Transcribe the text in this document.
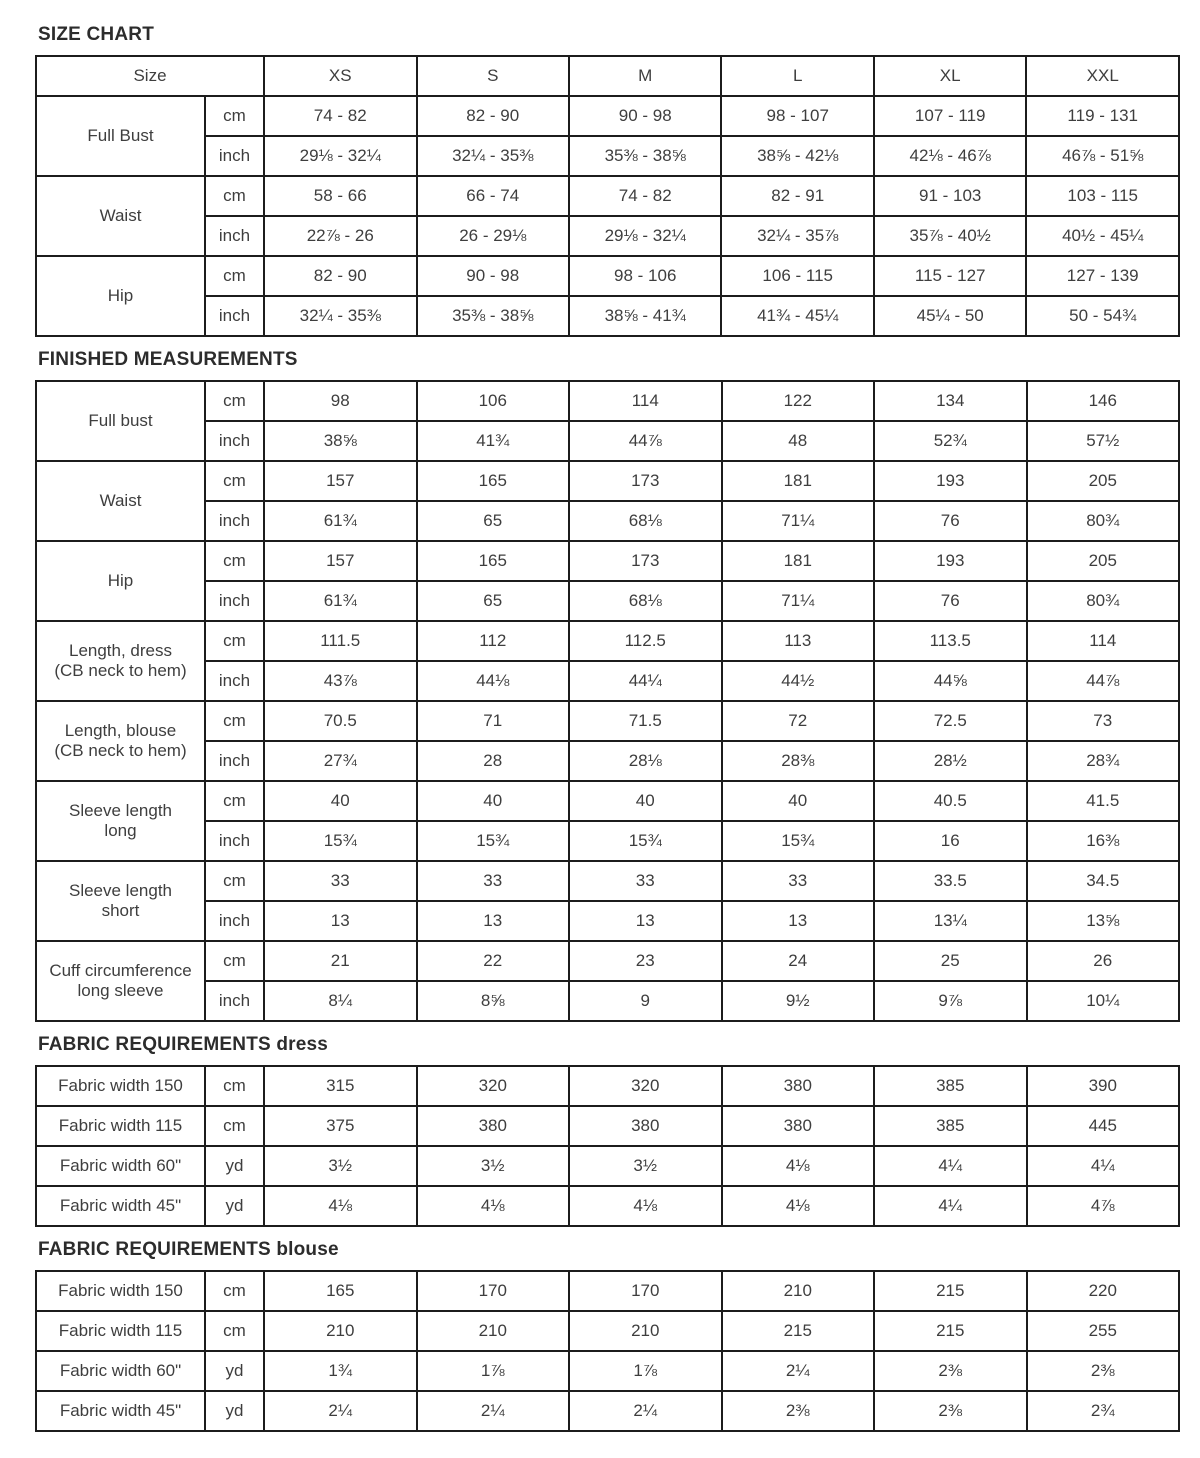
SIZE CHART
Size		XS	S	M	L	XL	XXL

Full Bust	cm	74 - 82	82 - 90	90 - 98	98 - 107	107 - 119	119 - 131
	inch	29⅛ - 32¼	32¼ - 35⅜	35⅜ - 38⅝	38⅝ - 42⅛	42⅛ - 46⅞	46⅞ - 51⅝

Waist	cm	58 - 66	66 - 74	74 - 82	82 - 91	91 - 103	103 - 115
	inch	22⅞ - 26	26 - 29⅛	29⅛ - 32¼	32¼ - 35⅞	35⅞ - 40½	40½ - 45¼

Hip	cm	82 - 90	90 - 98	98 - 106	106 - 115	115 - 127	127 - 139
	inch	32¼ - 35⅜	35⅜ - 38⅝	38⅝ - 41¾	41¾ - 45¼	45¼ - 50	50 - 54¾
FINISHED MEASUREMENTS
Full bust	cm	98	106	114	122	134	146
	inch	38⅝	41¾	44⅞	48	52¾	57½

Waist	cm	157	165	173	181	193	205
	inch	61¾	65	68⅛	71¼	76	80¾

Hip	cm	157	165	173	181	193	205
	inch	61¾	65	68⅛	71¼	76	80¾

Length, dress
(CB neck to hem)	cm	111.5	112	112.5	113	113.5	114
	inch	43⅞	44⅛	44¼	44½	44⅝	44⅞

Length, blouse
(CB neck to hem)	cm	70.5	71	71.5	72	72.5	73
	inch	27¾	28	28⅛	28⅜	28½	28¾

Sleeve length
long	cm	40	40	40	40	40.5	41.5
	inch	15¾	15¾	15¾	15¾	16	16⅜

Sleeve length
short	cm	33	33	33	33	33.5	34.5
	inch	13	13	13	13	13¼	13⅝

Cuff circumference
long sleeve	cm	21	22	23	24	25	26
	inch	8¼	8⅝	9	9½	9⅞	10¼
FABRIC REQUIREMENTS dress
Fabric width 150	cm	315	320	320	380	385	390
Fabric width 115	cm	375	380	380	380	385	445
Fabric width 60"	yd	3½	3½	3½	4⅛	4¼	4¼
Fabric width 45"	yd	4⅛	4⅛	4⅛	4⅛	4¼	4⅞
FABRIC REQUIREMENTS blouse
Fabric width 150	cm	165	170	170	210	215	220
Fabric width 115	cm	210	210	210	215	215	255
Fabric width 60"	yd	1¾	1⅞	1⅞	2¼	2⅜	2⅜
Fabric width 45"	yd	2¼	2¼	2¼	2⅜	2⅜	2¾
